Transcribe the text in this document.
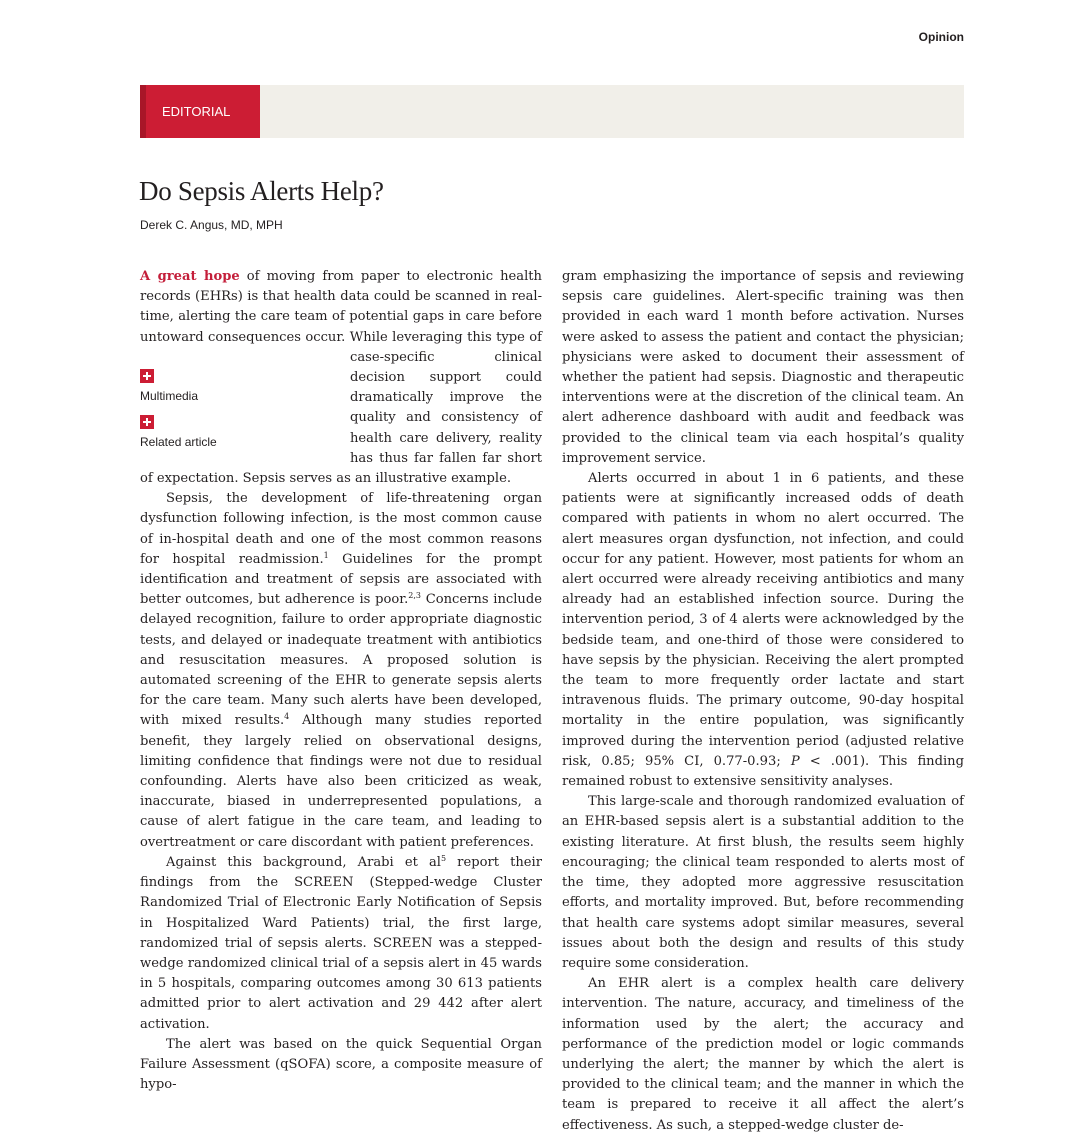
Opinion
EDITORIAL
Do Sepsis Alerts Help?
Derek C. Angus, MD, MPH

A great hope of moving from paper to electronic health records (EHRs) is that health data could be scanned in real-time, alerting the care team of potential gaps in care before untoward consequences occur. While leveraging this type of
Multimedia
Related article
case-specific clinical decision support could dramatically improve the quality and consistency of health care delivery, reality has thus far fallen far short of expectation. Sepsis serves as an illustrative example.

Sepsis, the development of life-threatening organ dysfunction following infection, is the most common cause of in-hospital death and one of the most common reasons for hospital readmission.$^1$ Guidelines for the prompt identification and treatment of sepsis are associated with better outcomes, but adherence is poor.$^{2,3}$ Concerns include delayed recognition, failure to order appropriate diagnostic tests, and delayed or inadequate treatment with antibiotics and resuscitation measures. A proposed solution is automated screening of the EHR to generate sepsis alerts for the care team. Many such alerts have been developed, with mixed results.$^4$ Although many studies reported benefit, they largely relied on observational designs, limiting confidence that findings were not due to residual confounding. Alerts have also been criticized as weak, inaccurate, biased in underrepresented populations, a cause of alert fatigue in the care team, and leading to overtreatment or care discordant with patient preferences.

Against this background, Arabi et $al^5$ report their findings from the SCREEN (Stepped-wedge Cluster Randomized Trial of Electronic Early Notification of Sepsis in Hospitalized Ward Patients) trial, the first large, randomized trial of sepsis alerts. SCREEN was a stepped-wedge randomized clinical trial of a sepsis alert in 45 wards in 5 hospitals, comparing outcomes among 30 613 patients admitted prior to alert activation and 29 442 after alert activation.

The alert was based on the quick Sequential Organ Failure Assessment (qSOFA) score, a composite measure of hypo-

gram emphasizing the importance of sepsis and reviewing sepsis care guidelines. Alert-specific training was then provided in each ward 1 month before activation. Nurses were asked to assess the patient and contact the physician; physicians were asked to document their assessment of whether the patient had sepsis. Diagnostic and therapeutic interventions were at the discretion of the clinical team. An alert adherence dashboard with audit and feedback was provided to the clinical team via each hospital’s quality improvement service.

Alerts occurred in about 1 in 6 patients, and these patients were at significantly increased odds of death compared with patients in whom no alert occurred. The alert measures organ dysfunction, not infection, and could occur for any patient. However, most patients for whom an alert occurred were already receiving antibiotics and many already had an established infection source. During the intervention period, 3 of 4 alerts were acknowledged by the bedside team, and one-third of those were considered to have sepsis by the physician. Receiving the alert prompted the team to more frequently order lactate and start intravenous fluids. The primary outcome, 90-day hospital mortality in the entire population, was significantly improved during the intervention period (adjusted relative risk, 0.85; 95% CI, 0.77-0.93; P < .001). This finding remained robust to extensive sensitivity analyses.

This large-scale and thorough randomized evaluation of an EHR-based sepsis alert is a substantial addition to the existing literature. At first blush, the results seem highly encouraging; the clinical team responded to alerts most of the time, they adopted more aggressive resuscitation efforts, and mortality improved. But, before recommending that health care systems adopt similar measures, several issues about both the design and results of this study require some consideration.

An EHR alert is a complex health care delivery intervention. The nature, accuracy, and timeliness of the information used by the alert; the accuracy and performance of the prediction model or logic commands underlying the alert; the manner by which the alert is provided to the clinical team; and the manner in which the team is prepared to receive it all affect the alert’s effectiveness. As such, a stepped-wedge cluster de-
